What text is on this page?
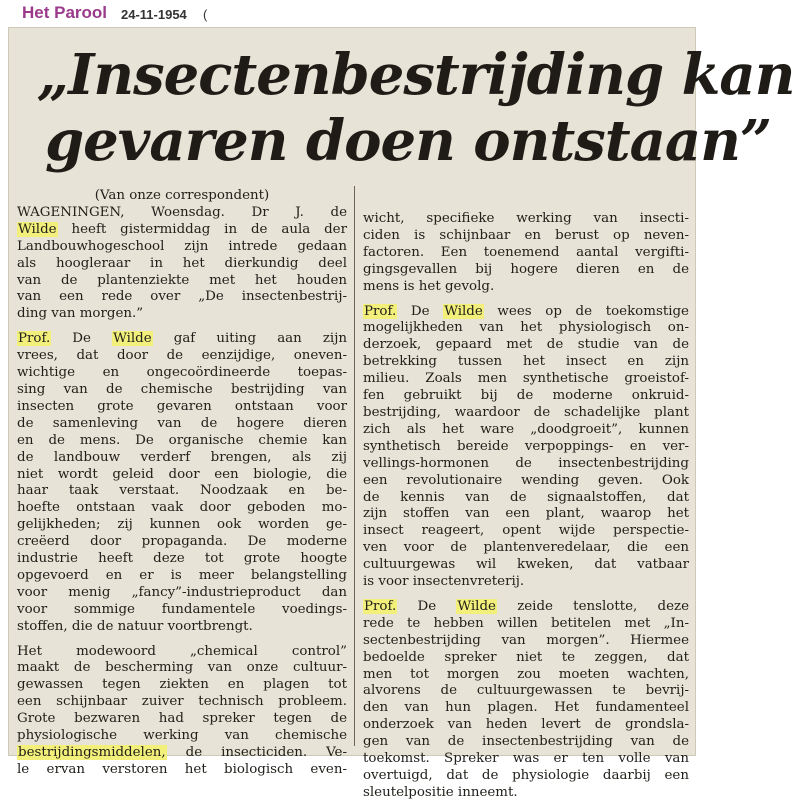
Het Parool 24-11-1954 (
„Insectenbestrijding kan
gevaren doen ontstaan”
(Van onze correspondent)
WAGENINGEN, Woensdag. Dr J. de
Wilde heeft gistermiddag in de aula der
Landbouwhogeschool zijn intrede gedaan
als hoogleraar in het dierkundig deel
van de plantenziekte met het houden
van een rede over „De insectenbestrij-
ding van morgen.”
Prof. De Wilde gaf uiting aan zijn
vrees, dat door de eenzijdige, oneven-
wichtige en ongecoördineerde toepas-
sing van de chemische bestrijding van
insecten grote gevaren ontstaan voor
de samenleving van de hogere dieren
en de mens. De organische chemie kan
de landbouw verderf brengen, als zij
niet wordt geleid door een biologie, die
haar taak verstaat. Noodzaak en be-
hoefte ontstaan vaak door geboden mo-
gelijkheden; zij kunnen ook worden ge-
creëerd door propaganda. De moderne
industrie heeft deze tot grote hoogte
opgevoerd en er is meer belangstelling
voor menig „fancy”-industrieproduct dan
voor sommige fundamentele voedings-
stoffen, die de natuur voortbrengt.
Het modewoord „chemical control”
maakt de bescherming van onze cultuur-
gewassen tegen ziekten en plagen tot
een schijnbaar zuiver technisch probleem.
Grote bezwaren had spreker tegen de
physiologische werking van chemische
bestrijdingsmiddelen, de insecticiden. Ve-
le ervan verstoren het biologisch even-
wicht, specifieke werking van insecti-
ciden is schijnbaar en berust op neven-
factoren. Een toenemend aantal vergifti-
gingsgevallen bij hogere dieren en de
mens is het gevolg.
Prof. De Wilde wees op de toekomstige
mogelijkheden van het physiologisch on-
derzoek, gepaard met de studie van de
betrekking tussen het insect en zijn
milieu. Zoals men synthetische groeistof-
fen gebruikt bij de moderne onkruid-
bestrijding, waardoor de schadelijke plant
zich als het ware „doodgroeit”, kunnen
synthetisch bereide verpoppings- en ver-
vellings-hormonen de insectenbestrijding
een revolutionaire wending geven. Ook
de kennis van de signaalstoffen, dat
zijn stoffen van een plant, waarop het
insect reageert, opent wijde perspectie-
ven voor de plantenveredelaar, die een
cultuurgewas wil kweken, dat vatbaar
is voor insectenvreterij.
Prof. De Wilde zeide tenslotte, deze
rede te hebben willen betitelen met „In-
sectenbestrijding van morgen”. Hiermee
bedoelde spreker niet te zeggen, dat
men tot morgen zou moeten wachten,
alvorens de cultuurgewassen te bevrij-
den van hun plagen. Het fundamenteel
onderzoek van heden levert de grondsla-
gen van de insectenbestrijding van de
toekomst. Spreker was er ten volle van
overtuigd, dat de physiologie daarbij een
sleutelpositie inneemt.
